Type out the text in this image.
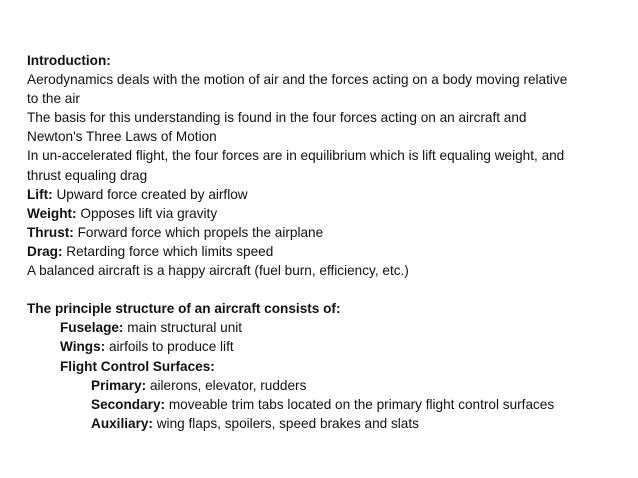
Introduction:
Aerodynamics deals with the motion of air and the forces acting on a body moving relative
to the air
The basis for this understanding is found in the four forces acting on an aircraft and
Newton's Three Laws of Motion
In un-accelerated flight, the four forces are in equilibrium which is lift equaling weight, and
thrust equaling drag
Lift: Upward force created by airflow
Weight: Opposes lift via gravity
Thrust: Forward force which propels the airplane
Drag: Retarding force which limits speed
A balanced aircraft is a happy aircraft (fuel burn, efficiency, etc.)
The principle structure of an aircraft consists of:
Fuselage: main structural unit
Wings: airfoils to produce lift
Flight Control Surfaces:
Primary: ailerons, elevator, rudders
Secondary: moveable trim tabs located on the primary flight control surfaces
Auxiliary: wing flaps, spoilers, speed brakes and slats
